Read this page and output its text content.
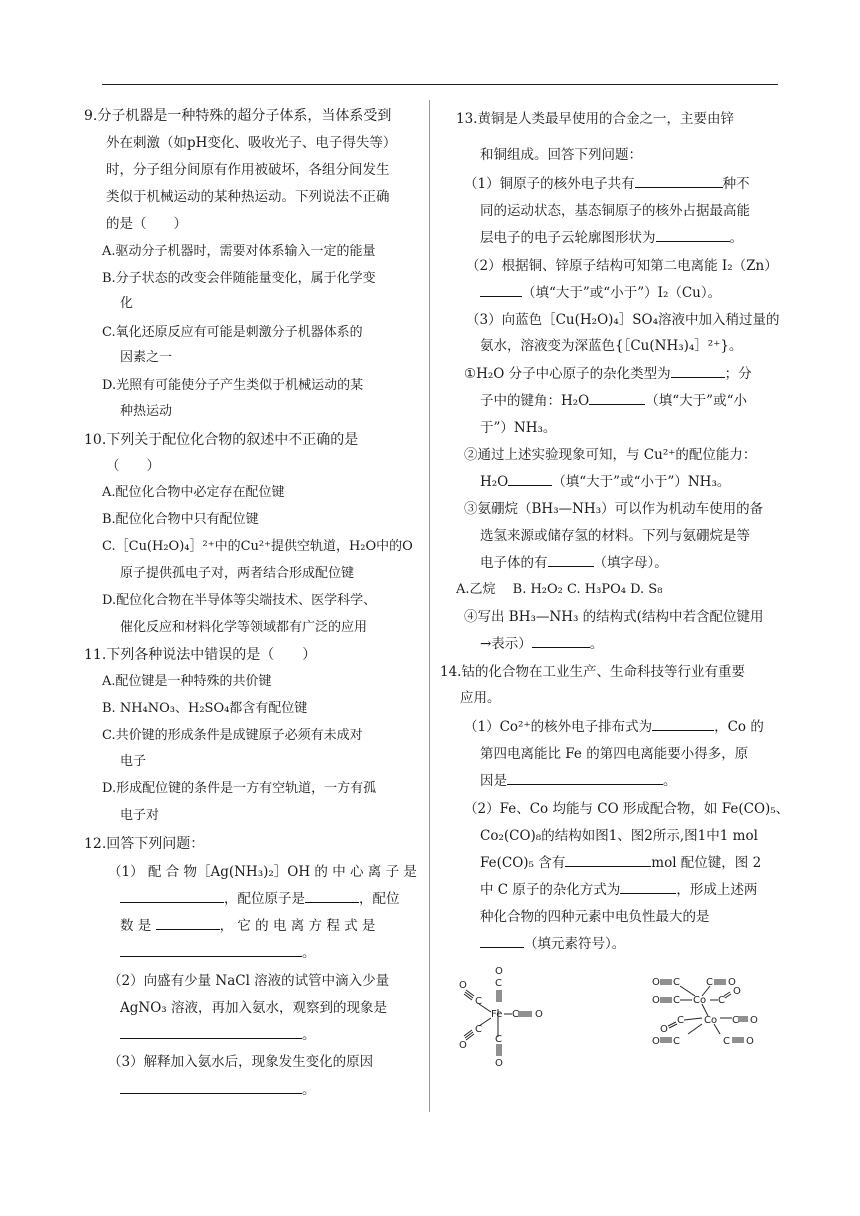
9.分子机器是一种特殊的超分子体系，当体系受到
外在刺激（如pH变化、吸收光子、电子得失等）
时，分子组分间原有作用被破坏，各组分间发生
类似于机械运动的某种热运动。下列说法不正确
的是（　　）
A.驱动分子机器时，需要对体系输入一定的能量
B.分子状态的改变会伴随能量变化，属于化学变
化
C.氧化还原反应有可能是刺激分子机器体系的
因素之一
D.光照有可能使分子产生类似于机械运动的某
种热运动
10.下列关于配位化合物的叙述中不正确的是
（　　）
A.配位化合物中必定存在配位键
B.配位化合物中只有配位键
C.［Cu(H₂O)₄］²⁺中的Cu²⁺提供空轨道，H₂O中的O
原子提供孤电子对，两者结合形成配位键
D.配位化合物在半导体等尖端技术、医学科学、
催化反应和材料化学等领域都有广泛的应用
11.下列各种说法中错误的是（　　）
A.配位键是一种特殊的共价键
B. NH₄NO₃、H₂SO₄都含有配位键
C.共价键的形成条件是成键原子必须有未成对
电子
D.形成配位键的条件是一方有空轨道，一方有孤
电子对
12.回答下列问题：
（1） 配 合 物［Ag(NH₃)₂］OH 的 中 心 离 子 是
，配位原子是	，配位
数 是	， 它 的 电 离 方 程 式 是
。
（2）向盛有少量 NaCl 溶液的试管中滴入少量
AgNO₃ 溶液，再加入氨水，观察到的现象是
。
（3）解释加入氨水后，现象发生变化的原因
。
13.黄铜是人类最早使用的合金之一，主要由锌
和铜组成。回答下列问题：
（1）铜原子的核外电子共有	种不
同的运动状态，基态铜原子的核外占据最高能
层电子的电子云轮廓图形状为	。
（2）根据铜、锌原子结构可知第二电离能 I₂（Zn）
（填“大于”或“小于”）I₂（Cu）。
（3）向蓝色［Cu(H₂O)₄］SO₄溶液中加入稍过量的
氨水，溶液变为深蓝色{［Cu(NH₃)₄］²⁺}。
①H₂O 分子中心原子的杂化类型为	；分
子中的键角：H₂O	（填“大于”或“小
于”）NH₃。
②通过上述实验现象可知，与 Cu²⁺的配位能力：
H₂O	（填“大于”或“小于”）NH₃。
③氨硼烷（BH₃—NH₃）可以作为机动车使用的备
选氢来源或储存氢的材料。下列与氨硼烷是等
电子体的有	（填字母）。
A.乙烷　 B. H₂O₂ C. H₃PO₄ D. S₈
④写出 BH₃—NH₃ 的结构式(结构中若含配位键用
→表示）	。
14.钴的化合物在工业生产、生命科技等行业有重要
应用。
（1）Co²⁺的核外电子排布式为	，Co 的
第四电离能比 Fe 的第四电离能要小得多，原
因是	。
（2）Fe、Co 均能与 CO 形成配合物，如 Fe(CO)₅、
Co₂(CO)₈的结构如图1、图2所示,图1中1 mol
Fe(CO)₅ 含有	mol 配位键，图 2
中 C 原子的杂化方式为	，形成上述两
种化合物的四种元素中电负性最大的是
（填元素符号）。
O
C
Fe C O
O
C
C
O
C
O
O C	C O
O C Co C
O
O
C Co C O
O C	C O
